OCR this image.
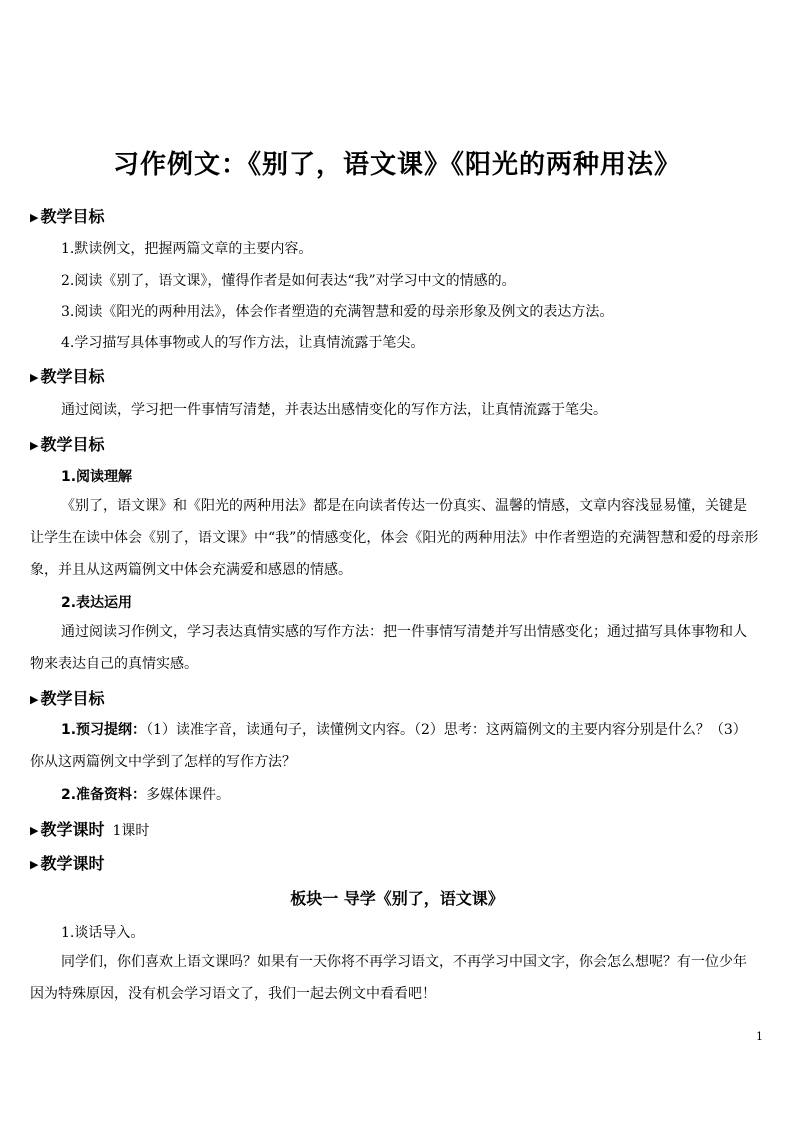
习作例文：《别了，语文课》《阳光的两种用法》
▶ 教学目标
1.默读例文，把握两篇文章的主要内容。
2.阅读《别了，语文课》，懂得作者是如何表达“我”对学习中文的情感的。
3.阅读《阳光的两种用法》，体会作者塑造的充满智慧和爱的母亲形象及例文的表达方法。
4.学习描写具体事物或人的写作方法，让真情流露于笔尖。
▶ 教学目标
通过阅读，学习把一件事情写清楚，并表达出感情变化的写作方法，让真情流露于笔尖。
▶ 教学目标
1.阅读理解
《别了，语文课》和《阳光的两种用法》都是在向读者传达一份真实、温馨的情感，文章内容浅显易懂，关键是让学生在读中体会《别了，语文课》中“我”的情感变化，体会《阳光的两种用法》中作者塑造的充满智慧和爱的母亲形象，并且从这两篇例文中体会充满爱和感恩的情感。
2.表达运用
通过阅读习作例文，学习表达真情实感的写作方法：把一件事情写清楚并写出情感变化；通过描写具体事物和人物来表达自己的真情实感。
▶ 教学目标
1.预习提纲：（1）读准字音，读通句子，读懂例文内容。（2）思考：这两篇例文的主要内容分别是什么？（3）你从这两篇例文中学到了怎样的写作方法？
2.准备资料：多媒体课件。
▶ 教学课时 1课时
▶ 教学课时
板块一 导学《别了，语文课》
1.谈话导入。
同学们，你们喜欢上语文课吗？如果有一天你将不再学习语文，不再学习中国文字，你会怎么想呢？有一位少年因为特殊原因，没有机会学习语文了，我们一起去例文中看看吧！
1
